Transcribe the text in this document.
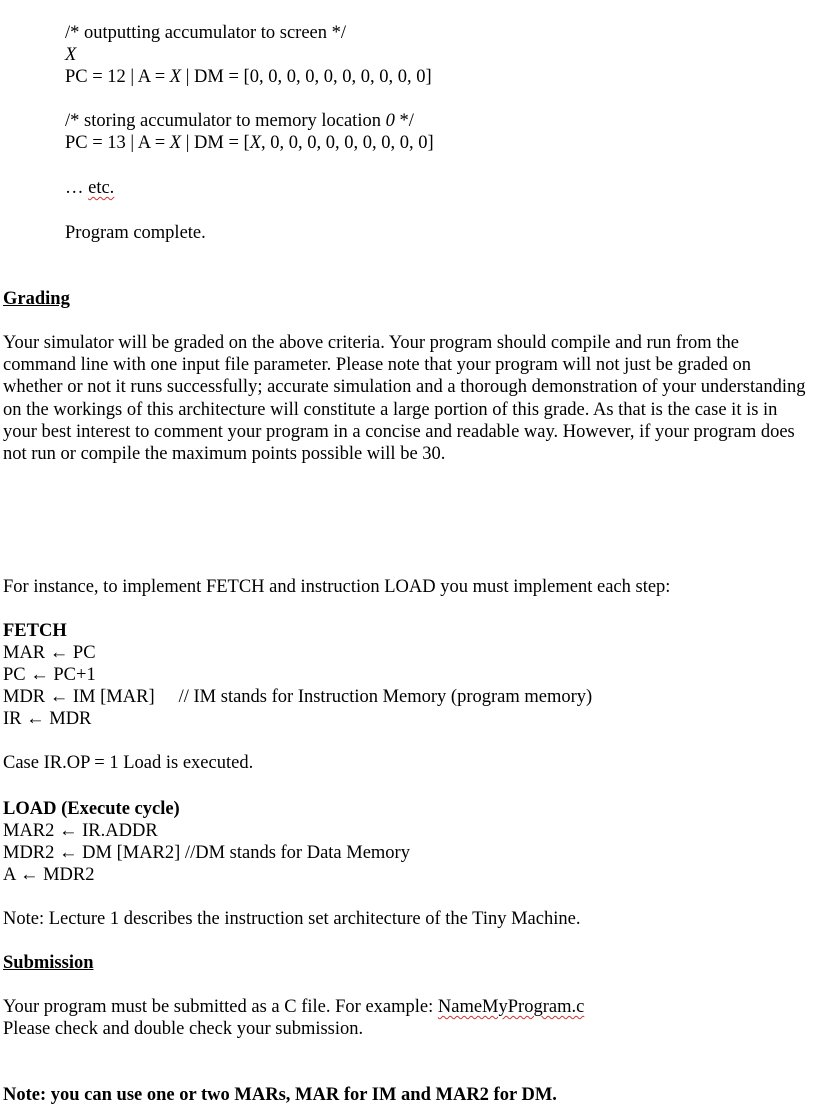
/* outputting accumulator to screen */
X
PC = 12 | A = X | DM = [0, 0, 0, 0, 0, 0, 0, 0, 0, 0]
/* storing accumulator to memory location 0 */
PC = 13 | A = X | DM = [X, 0, 0, 0, 0, 0, 0, 0, 0, 0]
… etc.
Program complete.
Grading
Your simulator will be graded on the above criteria. Your program should compile and run from the command line with one input file parameter. Please note that your program will not just be graded on whether or not it runs successfully; accurate simulation and a thorough demonstration of your understanding on the workings of this architecture will constitute a large portion of this grade. As that is the case it is in your best interest to comment your program in a concise and readable way. However, if your program does not run or compile the maximum points possible will be 30.
For instance, to implement FETCH and instruction LOAD you must implement each step:
FETCH
MAR ← PC
PC ← PC+1
MDR ← IM [MAR] // IM stands for Instruction Memory (program memory)
IR ← MDR
Case IR.OP = 1 Load is executed.
LOAD (Execute cycle)
MAR2 ← IR.ADDR
MDR2 ← DM [MAR2] //DM stands for Data Memory
A ← MDR2
Note: Lecture 1 describes the instruction set architecture of the Tiny Machine.
Submission
Your program must be submitted as a C file. For example: NameMyProgram.c
Please check and double check your submission.
Note: you can use one or two MARs, MAR for IM and MAR2 for DM.
